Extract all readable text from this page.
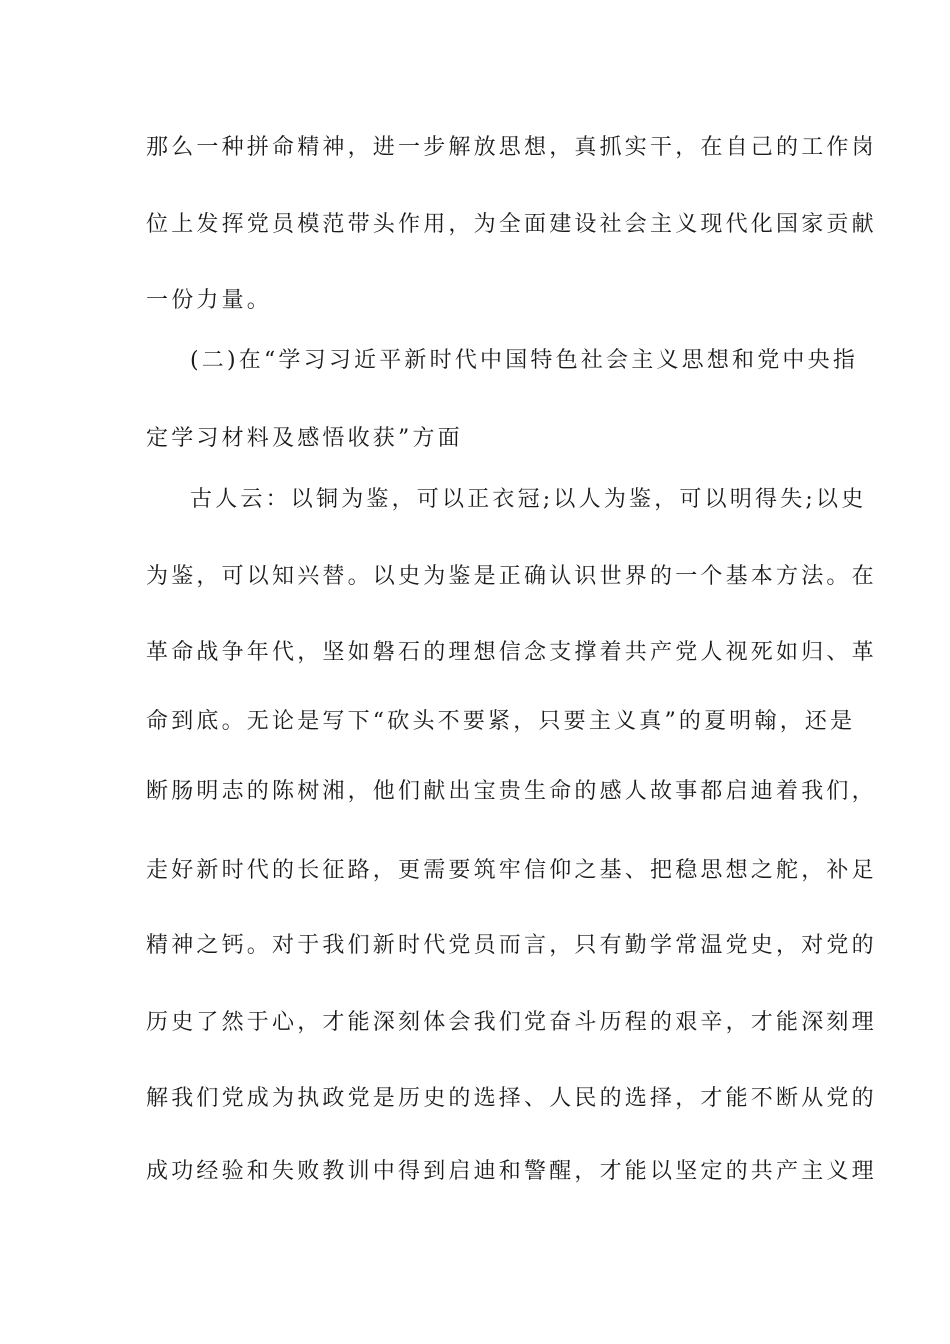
那么一种拼命精神，进一步解放思想，真抓实干，在自己的工作岗
位上发挥党员模范带头作用，为全面建设社会主义现代化国家贡献
一份力量。
(二)在“学习习近平新时代中国特色社会主义思想和党中央指
定学习材料及感悟收获”方面
古人云：以铜为鉴，可以正衣冠;以人为鉴，可以明得失;以史
为鉴，可以知兴替。以史为鉴是正确认识世界的一个基本方法。在
革命战争年代，坚如磐石的理想信念支撑着共产党人视死如归、革
命到底。无论是写下“砍头不要紧，只要主义真”的夏明翰，还是
断肠明志的陈树湘，他们献出宝贵生命的感人故事都启迪着我们，
走好新时代的长征路，更需要筑牢信仰之基、把稳思想之舵，补足
精神之钙。对于我们新时代党员而言，只有勤学常温党史，对党的
历史了然于心，才能深刻体会我们党奋斗历程的艰辛，才能深刻理
解我们党成为执政党是历史的选择、人民的选择，才能不断从党的
成功经验和失败教训中得到启迪和警醒，才能以坚定的共产主义理
